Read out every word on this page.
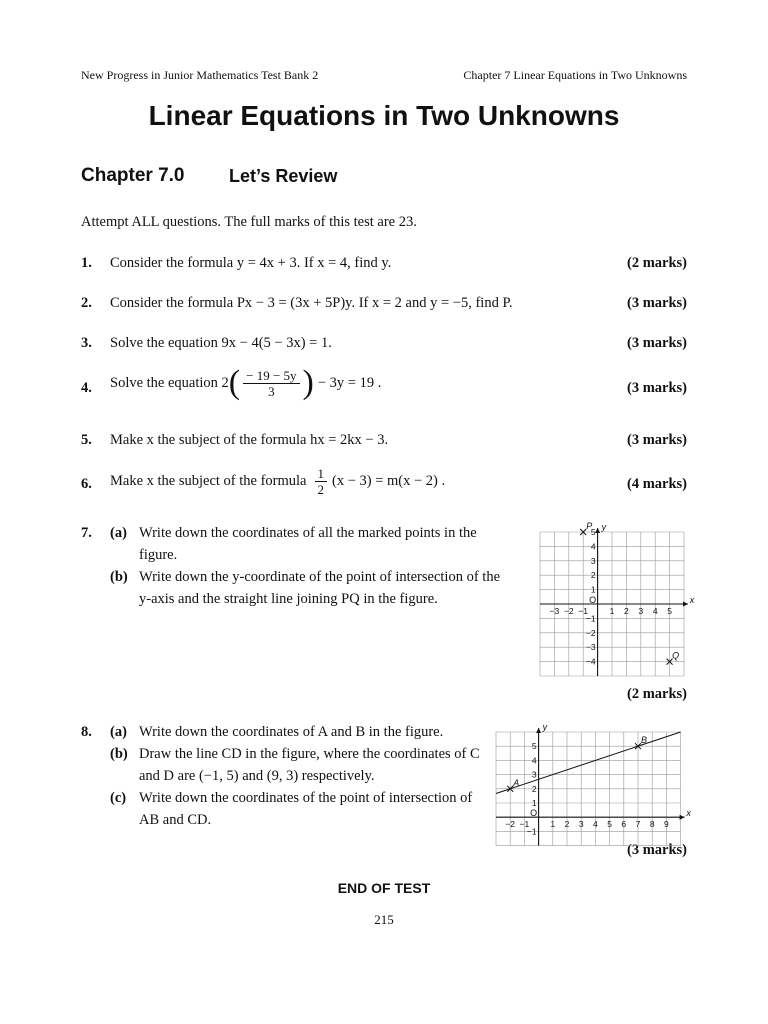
New Progress in Junior Mathematics Test Bank 2	Chapter 7 Linear Equations in Two Unknowns
Linear Equations in Two Unknowns
Chapter 7.0 Let’s Review
Attempt ALL questions. The full marks of this test are 23.
1. Consider the formula y = 4x + 3. If x = 4, find y.	(2 marks)
2. Consider the formula Px − 3 = (3x + 5P)y. If x = 2 and y = −5, find P.	(3 marks)
3. Solve the equation 9x − 4(5 − 3x) = 1.	(3 marks)
4. Solve the equation 2 ( $\frac{- 19 - 5y}{3}$ ) − 3y = 19 .	(3 marks)
5. Make x the subject of the formula hx = 2kx − 3.	(3 marks)
6. Make x the subject of the formula $\frac{1}{2} (x - 3) = m(x - 2)$ .	(4 marks)
7. (a) Write down the coordinates of all the marked points in the figure.
(b) Write down the y-coordinate of the point of intersection of the y-axis and the straight line joining PQ in the figure.
(2 marks)
x
y
O
−3 −2 −1	1 2 3 4 5
5
4
3
2
1
−1
−2
−3
−4
P
Q
8. (a) Write down the coordinates of A and B in the figure.
(b) Draw the line CD in the figure, where the coordinates of C and D are (−1, 5) and (9, 3) respectively.
(c) Write down the coordinates of the point of intersection of AB and CD.
(3 marks)
x
y
O
−2 −1 1 2 3 4 5 6 7 8 9
5
4
3
2
1
−1
A
B
END OF TEST
215
